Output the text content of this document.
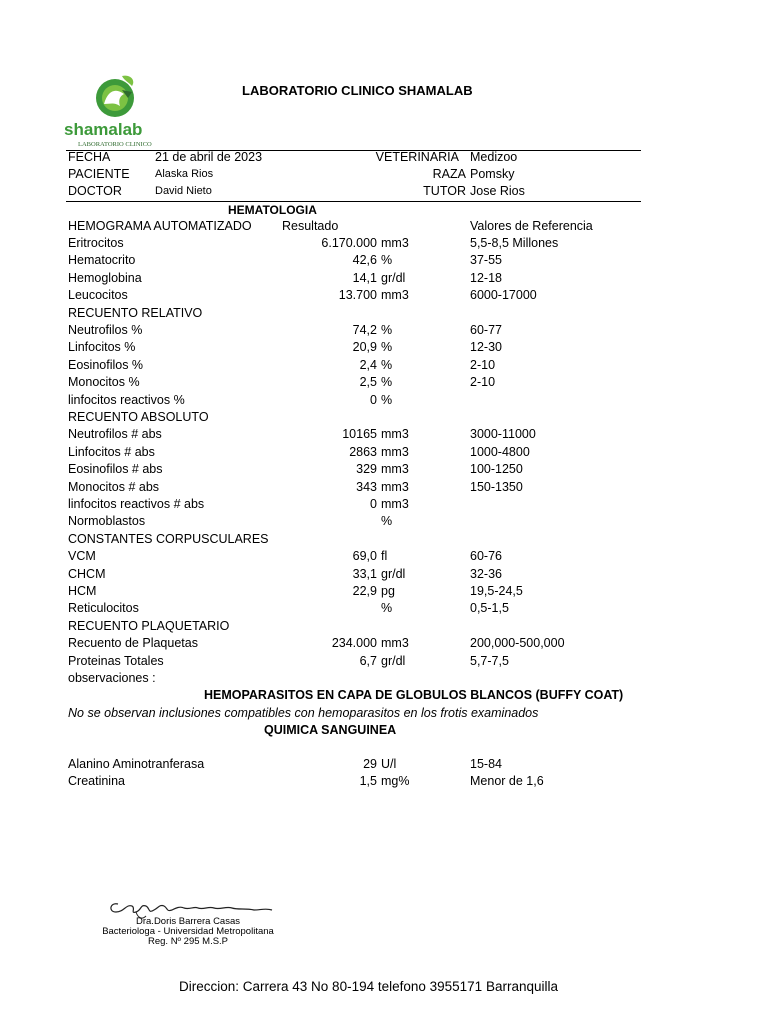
shamalab
LABORATORIO CLINICO
LABORATORIO CLINICO SHAMALAB
FECHA	21 de abril de 2023	VETERINARIA Medizoo
PACIENTE Alaska Rios	RAZA Pomsky
DOCTOR	David Nieto	TUTOR Jose Rios
HEMATOLOGIA
HEMOGRAMA AUTOMATIZADO Resultado	Valores de Referencia
Eritrocitos	6.170.000 mm3	5,5-8,5 Millones
Hematocrito	42,6 %	37-55
Hemoglobina	14,1 gr/dl	12-18
Leucocitos	13.700 mm3	6000-17000
RECUENTO RELATIVO
Neutrofilos %	74,2 %	60-77
Linfocitos %	20,9 %	12-30
Eosinofilos %	2,4 %	2-10
Monocitos %	2,5 %	2-10
linfocitos reactivos %	0 %
RECUENTO ABSOLUTO
Neutrofilos # abs	10165 mm3	3000-11000
Linfocitos # abs	2863 mm3	1000-4800
Eosinofilos # abs	329 mm3	100-1250
Monocitos # abs	343 mm3	150-1350
linfocitos reactivos # abs	0 mm3
Normoblastos	%
CONSTANTES CORPUSCULARES
VCM	69,0 fl	60-76
CHCM	33,1 gr/dl	32-36
HCM	22,9 pg	19,5-24,5
Reticulocitos	%	0,5-1,5
RECUENTO PLAQUETARIO
Recuento de Plaquetas	234.000 mm3	200,000-500,000
Proteinas Totales	6,7 gr/dl	5,7-7,5
observaciones :
HEMOPARASITOS EN CAPA DE GLOBULOS BLANCOS (BUFFY COAT)
No se observan inclusiones compatibles con hemoparasitos en los frotis examinados
QUIMICA SANGUINEA
Alanino Aminotranferasa	29 U/l	15-84
Creatinina	1,5 mg%	Menor de 1,6
Dra.Doris Barrera Casas
Bacteriologa - Universidad Metropolitana
Reg. Nº 295 M.S.P
Direccion: Carrera 43 No 80-194 telefono 3955171 Barranquilla
